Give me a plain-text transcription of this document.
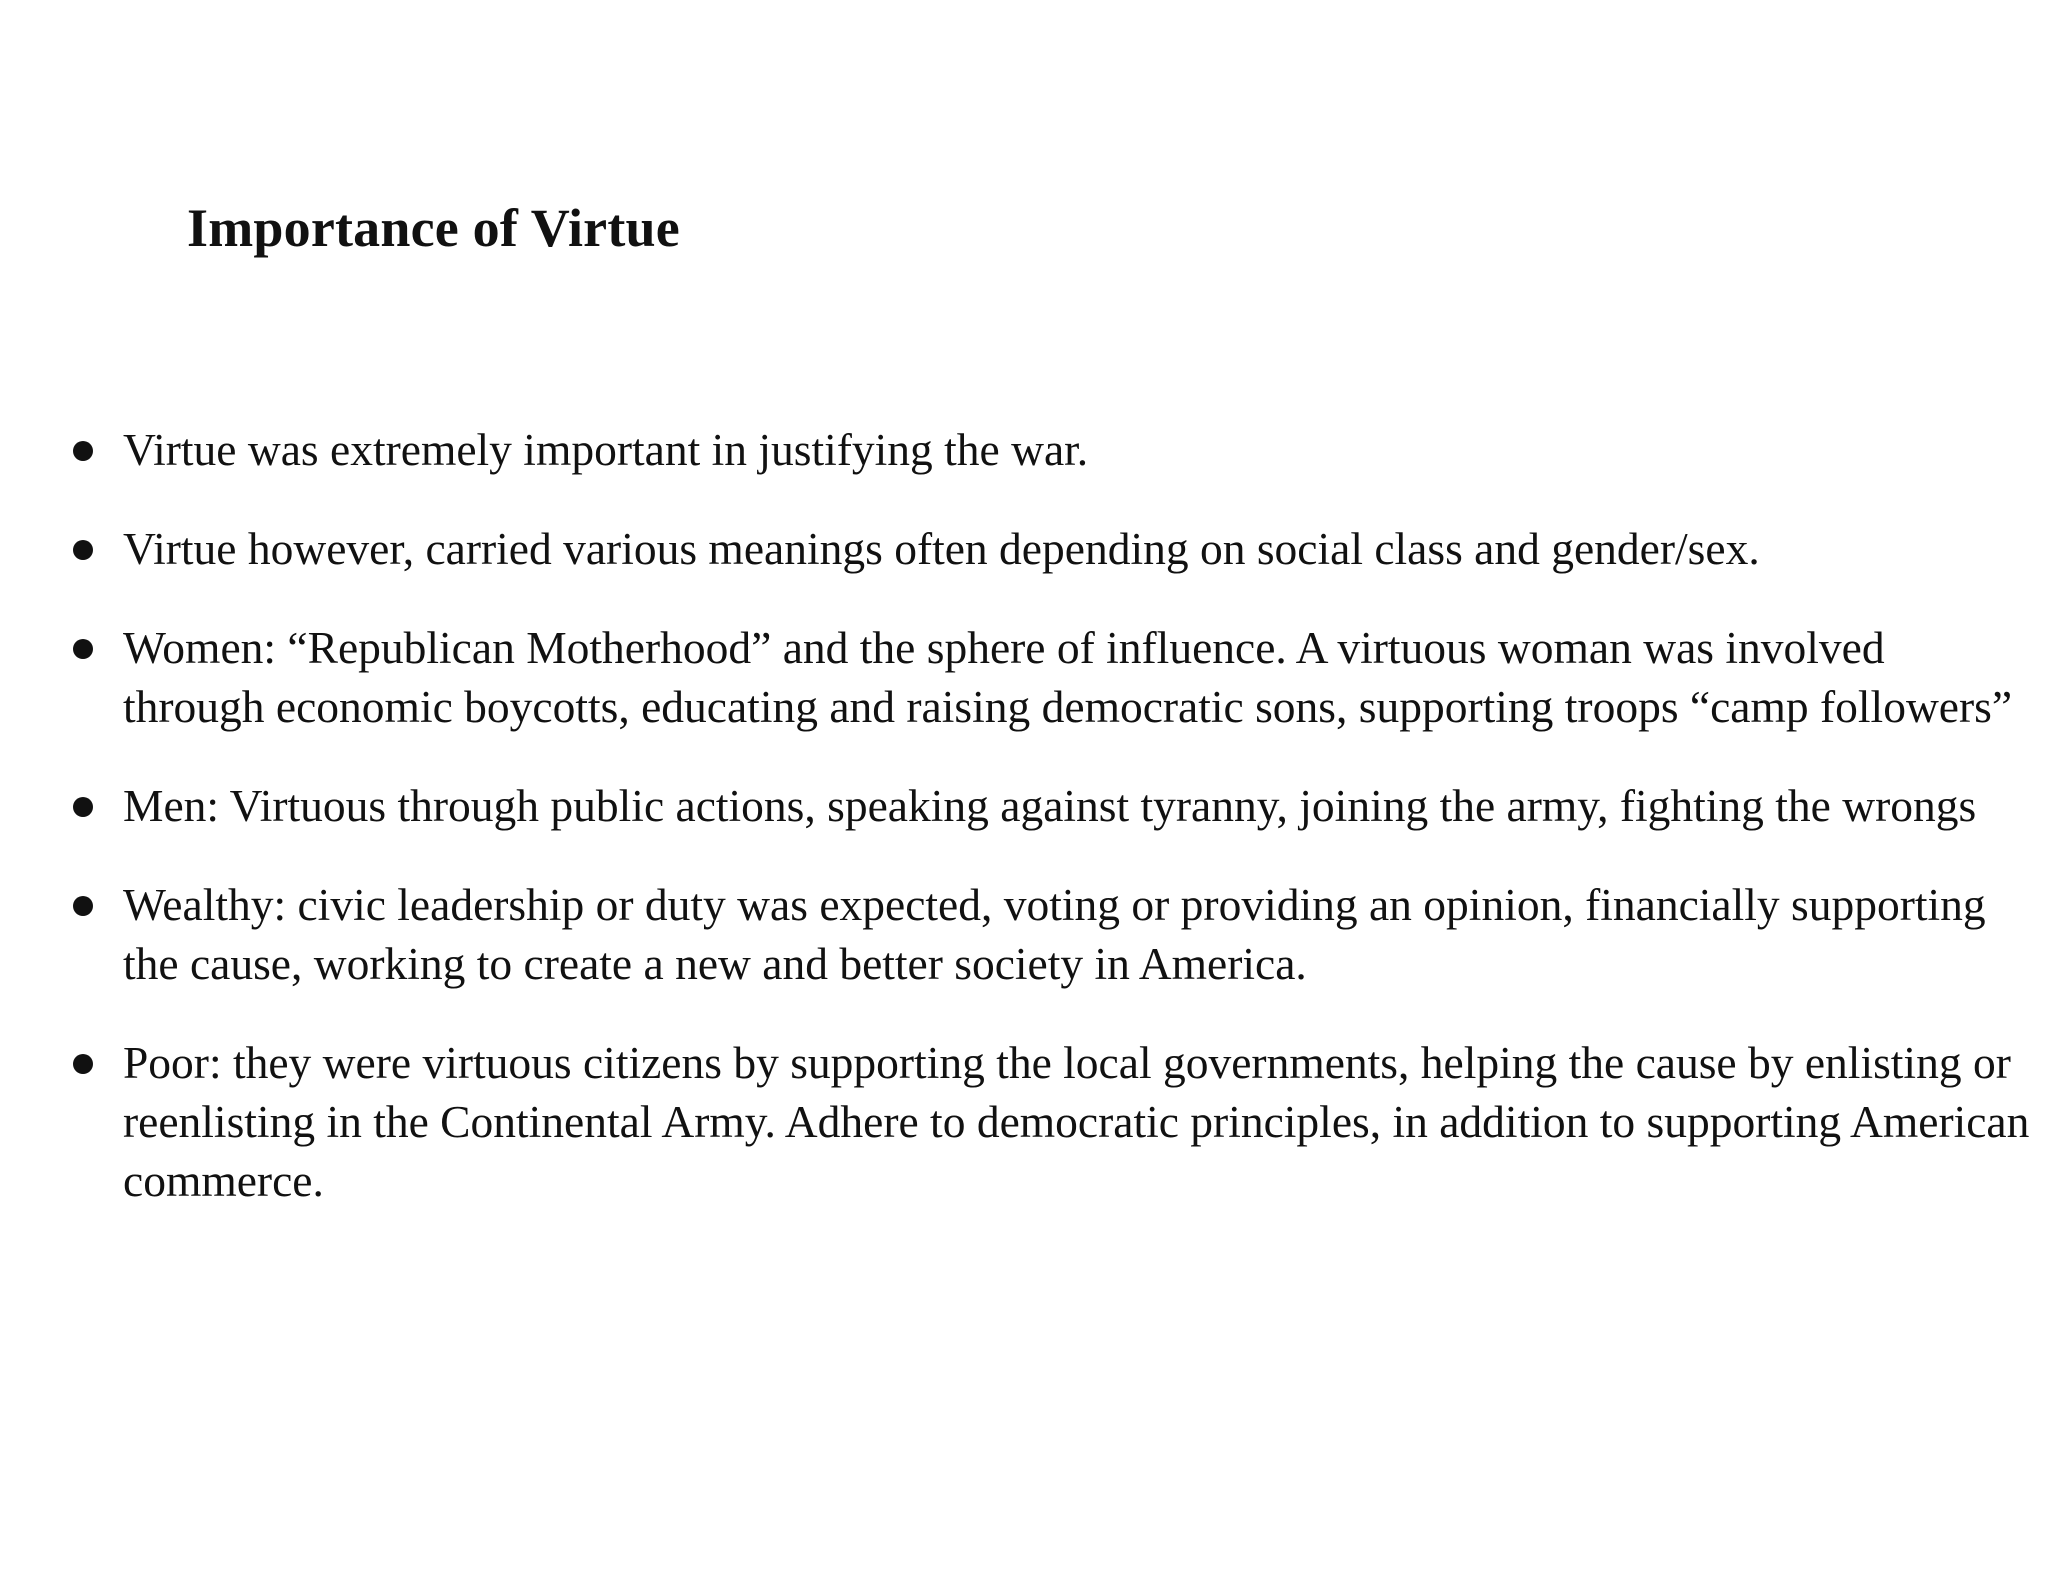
Importance of Virtue
Virtue was extremely important in justifying the war.
Virtue however, carried various meanings often depending on social class and gender/sex.
Women: “Republican Motherhood” and the sphere of influence. A virtuous woman was involved through economic boycotts, educating and raising democratic sons, supporting troops “camp followers”
Men: Virtuous through public actions, speaking against tyranny, joining the army, fighting the wrongs
Wealthy: civic leadership or duty was expected, voting or providing an opinion, financially supporting the cause, working to create a new and better society in America.
Poor: they were virtuous citizens by supporting the local governments, helping the cause by enlisting or reenlisting in the Continental Army. Adhere to democratic principles, in addition to supporting American commerce.
